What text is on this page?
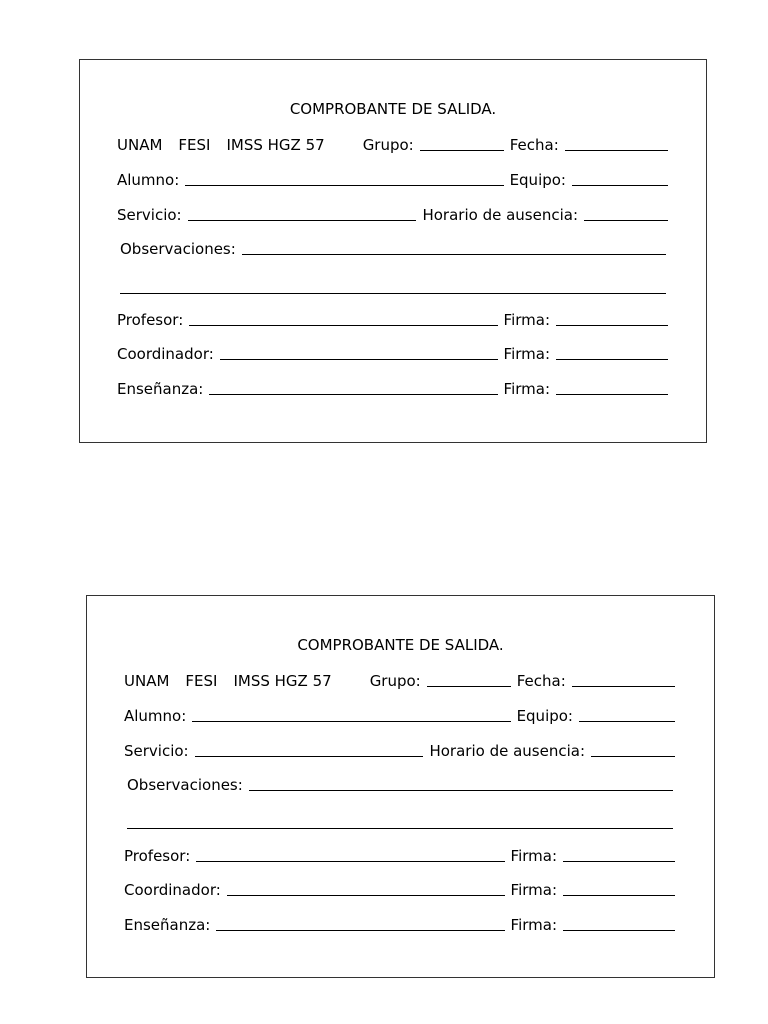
COMPROBANTE DE SALIDA.
UNAM FESI IMSS HGZ 57	Grupo:	Fecha:
Alumno:	Equipo:
Servicio:	Horario de ausencia:
Observaciones:
Profesor:	Firma:
Coordinador:	Firma:
Enseñanza:	Firma:
COMPROBANTE DE SALIDA.
UNAM FESI IMSS HGZ 57	Grupo:	Fecha:
Alumno:	Equipo:
Servicio:	Horario de ausencia:
Observaciones:
Profesor:	Firma:
Coordinador:	Firma:
Enseñanza:	Firma:
